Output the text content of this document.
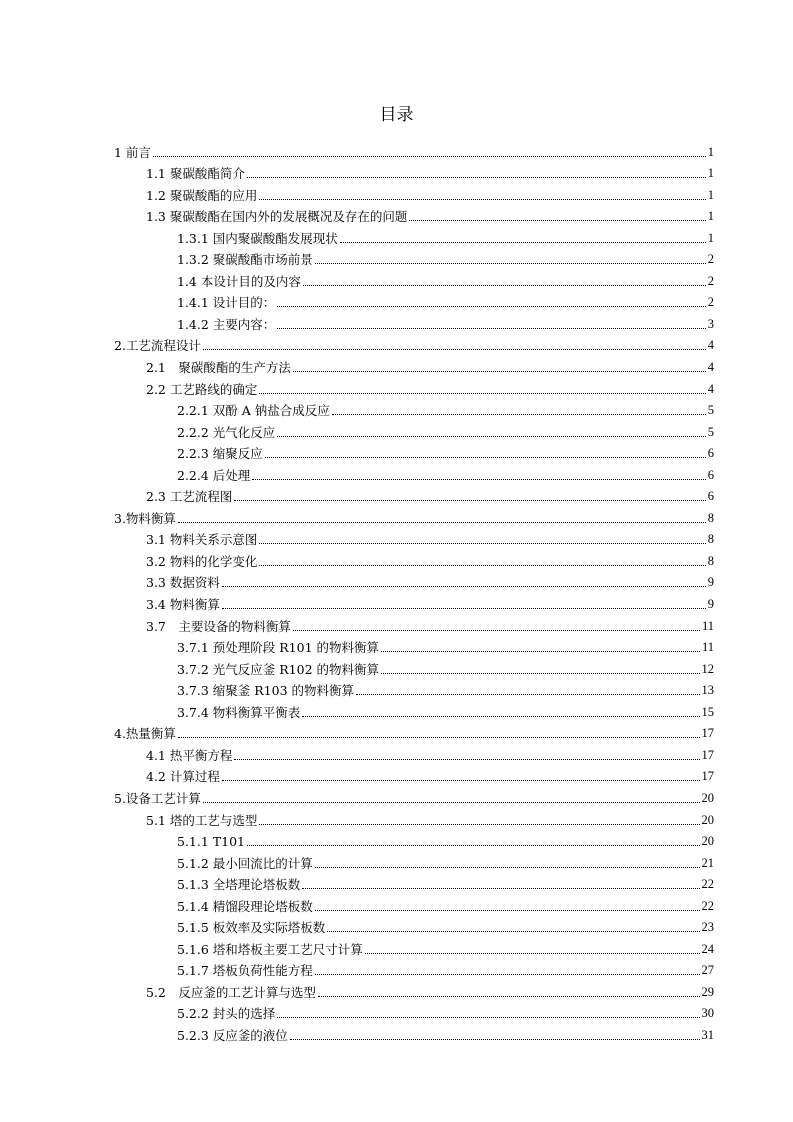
目录
1 前言	1
1.1 聚碳酸酯简介	1
1.2 聚碳酸酯的应用	1
1.3 聚碳酸酯在国内外的发展概况及存在的问题	1
1.3.1 国内聚碳酸酯发展现状	1
1.3.2 聚碳酸酯市场前景	2
1.4 本设计目的及内容	2
1.4.1 设计目的：	2
1.4.2 主要内容：	3
2.工艺流程设计	4
2.1　聚碳酸酯的生产方法	4
2.2 工艺路线的确定	4
2.2.1 双酚 A 钠盐合成反应	5
2.2.2 光气化反应	5
2.2.3 缩聚反应	6
2.2.4 后处理	6
2.3 工艺流程图	6
3.物料衡算	8
3.1 物料关系示意图	8
3.2 物料的化学变化	8
3.3 数据资料	9
3.4 物料衡算	9
3.7　主要设备的物料衡算	11
3.7.1 预处理阶段 R101 的物料衡算	11
3.7.2 光气反应釜 R102 的物料衡算	12
3.7.3 缩聚釜 R103 的物料衡算	13
3.7.4 物料衡算平衡表	15
4.热量衡算	17
4.1 热平衡方程	17
4.2 计算过程	17
5.设备工艺计算	20
5.1 塔的工艺与选型	20
5.1.1 T101	20
5.1.2 最小回流比的计算	21
5.1.3 全塔理论塔板数	22
5.1.4 精馏段理论塔板数	22
5.1.5 板效率及实际塔板数	23
5.1.6 塔和塔板主要工艺尺寸计算	24
5.1.7 塔板负荷性能方程	27
5.2　反应釜的工艺计算与选型	29
5.2.2 封头的选择	30
5.2.3 反应釜的液位	31
